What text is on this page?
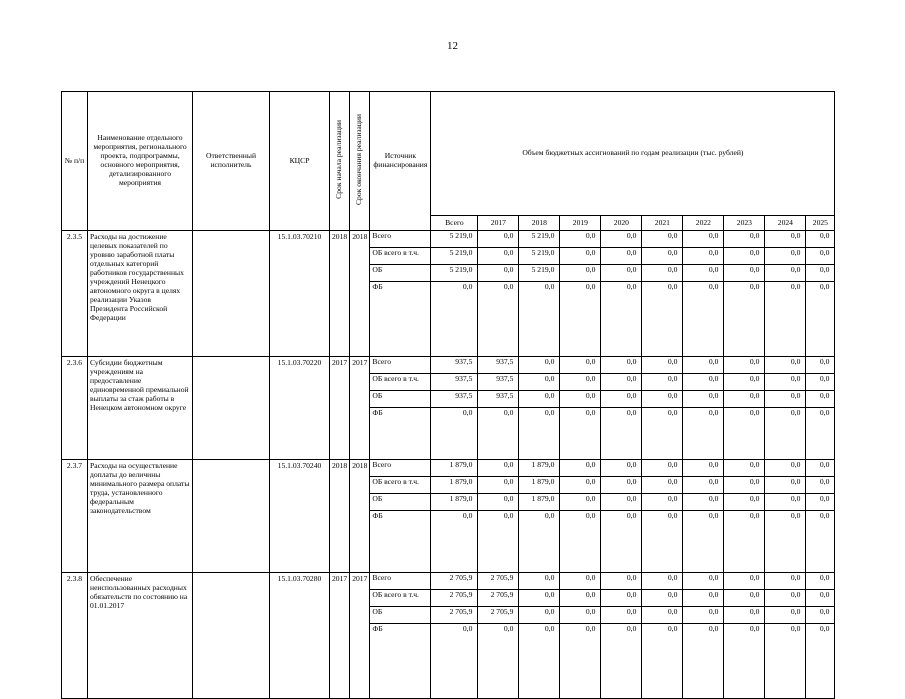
12
№ п/п	Наименование отдельного мероприятия, регионального проекта, подпрограммы, основного мероприятия, детализированного мероприятия	Ответственный исполнитель	КЦСР	Срок начала реализации	Срок окончания реализации	Источник финансирования	Объем бюджетных ассигнований по годам реализации (тыс. рублей)									
							Всего	2017	2018	2019	2020	2021	2022	2023	2024	2025
2.3.5	Расходы на достижение целевых показателей по уровню заработной платы отдельных категорий работников государственных учреждений Ненецкого автономного округа в целях реализации Указов Президента Российской Федерации		15.1.03.70210	2018	2018	Всего	5 219,0	0,0	5 219,0	0,0	0,0	0,0	0,0	0,0	0,0	0,0
						ОБ всего в т.ч.	5 219,0	0,0	5 219,0	0,0	0,0	0,0	0,0	0,0	0,0	0,0
						ОБ	5 219,0	0,0	5 219,0	0,0	0,0	0,0	0,0	0,0	0,0	0,0
						ФБ	0,0	0,0	0,0	0,0	0,0	0,0	0,0	0,0	0,0	0,0
2.3.6	Субсидии бюджетным учреждениям на предоставление единовременной премиальной выплаты за стаж работы в Ненецком автономном округе		15.1.03.70220	2017	2017	Всего	937,5	937,5	0,0	0,0	0,0	0,0	0,0	0,0	0,0	0,0
						ОБ всего в т.ч.	937,5	937,5	0,0	0,0	0,0	0,0	0,0	0,0	0,0	0,0
						ОБ	937,5	937,5	0,0	0,0	0,0	0,0	0,0	0,0	0,0	0,0
						ФБ	0,0	0,0	0,0	0,0	0,0	0,0	0,0	0,0	0,0	0,0
2.3.7	Расходы на осуществление доплаты до величины минимального размера оплаты труда, установленного федеральным законодательством		15.1.03.70240	2018	2018	Всего	1 879,0	0,0	1 879,0	0,0	0,0	0,0	0,0	0,0	0,0	0,0
						ОБ всего в т.ч.	1 879,0	0,0	1 879,0	0,0	0,0	0,0	0,0	0,0	0,0	0,0
						ОБ	1 879,0	0,0	1 879,0	0,0	0,0	0,0	0,0	0,0	0,0	0,0
						ФБ	0,0	0,0	0,0	0,0	0,0	0,0	0,0	0,0	0,0	0,0
2.3.8	Обеспечение неиспользованных расходных обязательств по состоянию на 01.01.2017		15.1.03.70280	2017	2017	Всего	2 705,9	2 705,9	0,0	0,0	0,0	0,0	0,0	0,0	0,0	0,0
						ОБ всего в т.ч.	2 705,9	2 705,9	0,0	0,0	0,0	0,0	0,0	0,0	0,0	0,0
						ОБ	2 705,9	2 705,9	0,0	0,0	0,0	0,0	0,0	0,0	0,0	0,0
						ФБ	0,0	0,0	0,0	0,0	0,0	0,0	0,0	0,0	0,0	0,0
